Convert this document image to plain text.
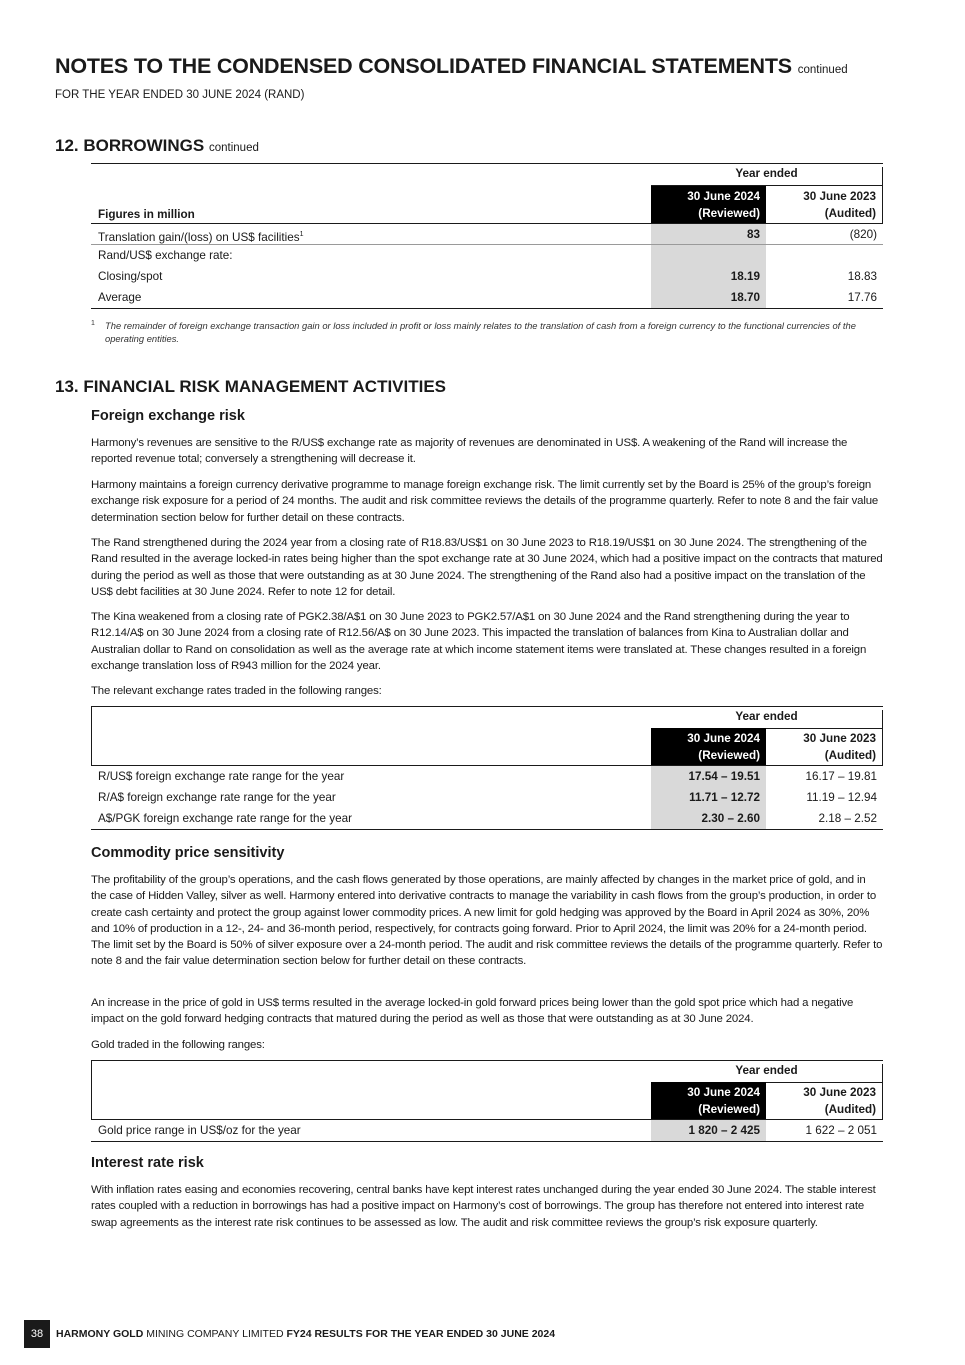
NOTES TO THE CONDENSED CONSOLIDATED FINANCIAL STATEMENTS continued
FOR THE YEAR ENDED 30 JUNE 2024 (RAND)
12. BORROWINGS continued
Year ended
Figures in million
30 June 2024
(Reviewed)
30 June 2023
(Audited)
Translation gain/(loss) on US$ facilities$^1$	83	(820)
Rand/US$ exchange rate:
Closing/spot	18.19	18.83
Average	18.70	17.76
1	The remainder of foreign exchange transaction gain or loss included in profit or loss mainly relates to the translation of cash from a foreign currency to the functional currencies of the operating entities.
13. FINANCIAL RISK MANAGEMENT ACTIVITIES
Foreign exchange risk
Harmony’s revenues are sensitive to the R/US$ exchange rate as majority of revenues are denominated in US$. A weakening of the Rand will increase the reported revenue total; conversely a strengthening will decrease it.
Harmony maintains a foreign currency derivative programme to manage foreign exchange risk. The limit currently set by the Board is 25% of the group’s foreign exchange risk exposure for a period of 24 months. The audit and risk committee reviews the details of the programme quarterly. Refer to note 8 and the fair value determination section below for further detail on these contracts.
The Rand strengthened during the 2024 year from a closing rate of R18.83/US$1 on 30 June 2023 to R18.19/US$1 on 30 June 2024. The strengthening of the Rand resulted in the average locked-in rates being higher than the spot exchange rate at 30 June 2024, which had a positive impact on the contracts that matured during the period as well as those that were outstanding as at 30 June 2024. The strengthening of the Rand also had a positive impact on the translation of the US$ debt facilities at 30 June 2024. Refer to note 12 for detail.
The Kina weakened from a closing rate of PGK2.38/A$1 on 30 June 2023 to PGK2.57/A$1 on 30 June 2024 and the Rand strengthening during the year to R12.14/A$ on 30 June 2024 from a closing rate of R12.56/A$ on 30 June 2023. This impacted the translation of balances from Kina to Australian dollar and Australian dollar to Rand on consolidation as well as the average rate at which income statement items were translated at. These changes resulted in a foreign exchange translation loss of R943 million for the 2024 year.
The relevant exchange rates traded in the following ranges:
Year ended
30 June 2024
(Reviewed)
30 June 2023
(Audited)
R/US$ foreign exchange rate range for the year	17.54 – 19.51	16.17 – 19.81
R/A$ foreign exchange rate range for the year	11.71 – 12.72	11.19 – 12.94
A$/PGK foreign exchange rate range for the year	2.30 – 2.60	2.18 – 2.52
Commodity price sensitivity
The profitability of the group’s operations, and the cash flows generated by those operations, are mainly affected by changes in the market price of gold, and in the case of Hidden Valley, silver as well. Harmony entered into derivative contracts to manage the variability in cash flows from the group’s production, in order to create cash certainty and protect the group against lower commodity prices. A new limit for gold hedging was approved by the Board in April 2024 as 30%, 20% and 10% of production in a 12-, 24- and 36-month period, respectively, for contracts going forward. Prior to April 2024, the limit was 20% for a 24-month period. The limit set by the Board is 50% of silver exposure over a 24-month period. The audit and risk committee reviews the details of the programme quarterly. Refer to note 8 and the fair value determination section below for further detail on these contracts.
An increase in the price of gold in US$ terms resulted in the average locked-in gold forward prices being lower than the gold spot price which had a negative impact on the gold forward hedging contracts that matured during the period as well as those that were outstanding as at 30 June 2024.
Gold traded in the following ranges:
Year ended
30 June 2024
(Reviewed)
30 June 2023
(Audited)
Gold price range in US$/oz for the year	1 820 – 2 425	1 622 – 2 051
Interest rate risk
With inflation rates easing and economies recovering, central banks have kept interest rates unchanged during the year ended 30 June 2024. The stable interest rates coupled with a reduction in borrowings has had a positive impact on Harmony’s cost of borrowings. The group has therefore not entered into interest rate swap agreements as the interest rate risk continues to be assessed as low. The audit and risk committee reviews the group’s risk exposure quarterly.
38	HARMONY GOLD MINING COMPANY LIMITED FY24 RESULTS FOR THE YEAR ENDED 30 JUNE 2024
